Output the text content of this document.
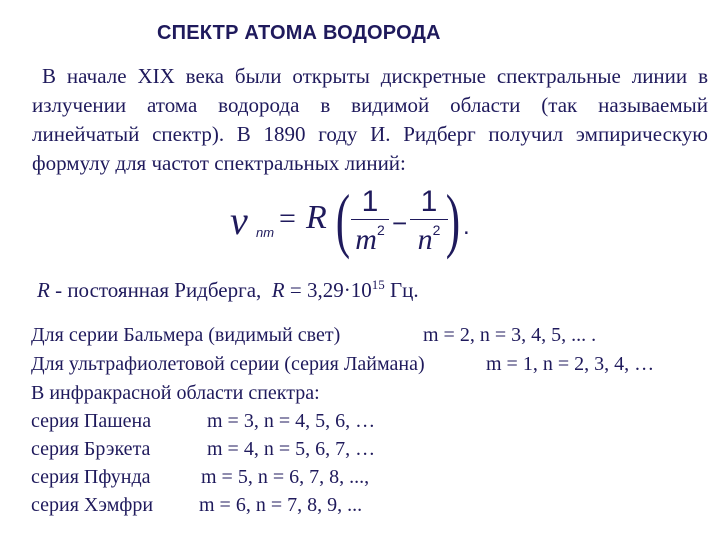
СПЕКТР АТОМА ВОДОРОДА
В начале XIX века были открыты дискретные спектральные линии в излучении атома водорода в видимой области (так называемый линейчатый спектр). В 1890 году И. Ридберг получил эмпирическую формулу для частот спектральных линий:
ν nm = R ( 1
$m^2$ −
1
$n^2$ ) .
R - постоянная Ридберга, $R = 3,29\cdot 10^{15}$ Гц.
Для серии Бальмера (видимый свет)	m = 2, n = 3, 4, 5, ... .
Для ультрафиолетовой серии (серия Лаймана)	m = 1, n = 2, 3, 4, …
В инфракрасной области спектра:
серия Пашена	m = 3, n = 4, 5, 6, …
серия Брэкета	m = 4, n = 5, 6, 7, …
серия Пфунда	m = 5, n = 6, 7, 8, ...,
серия Хэмфри m = 6, n = 7, 8, 9, ...
